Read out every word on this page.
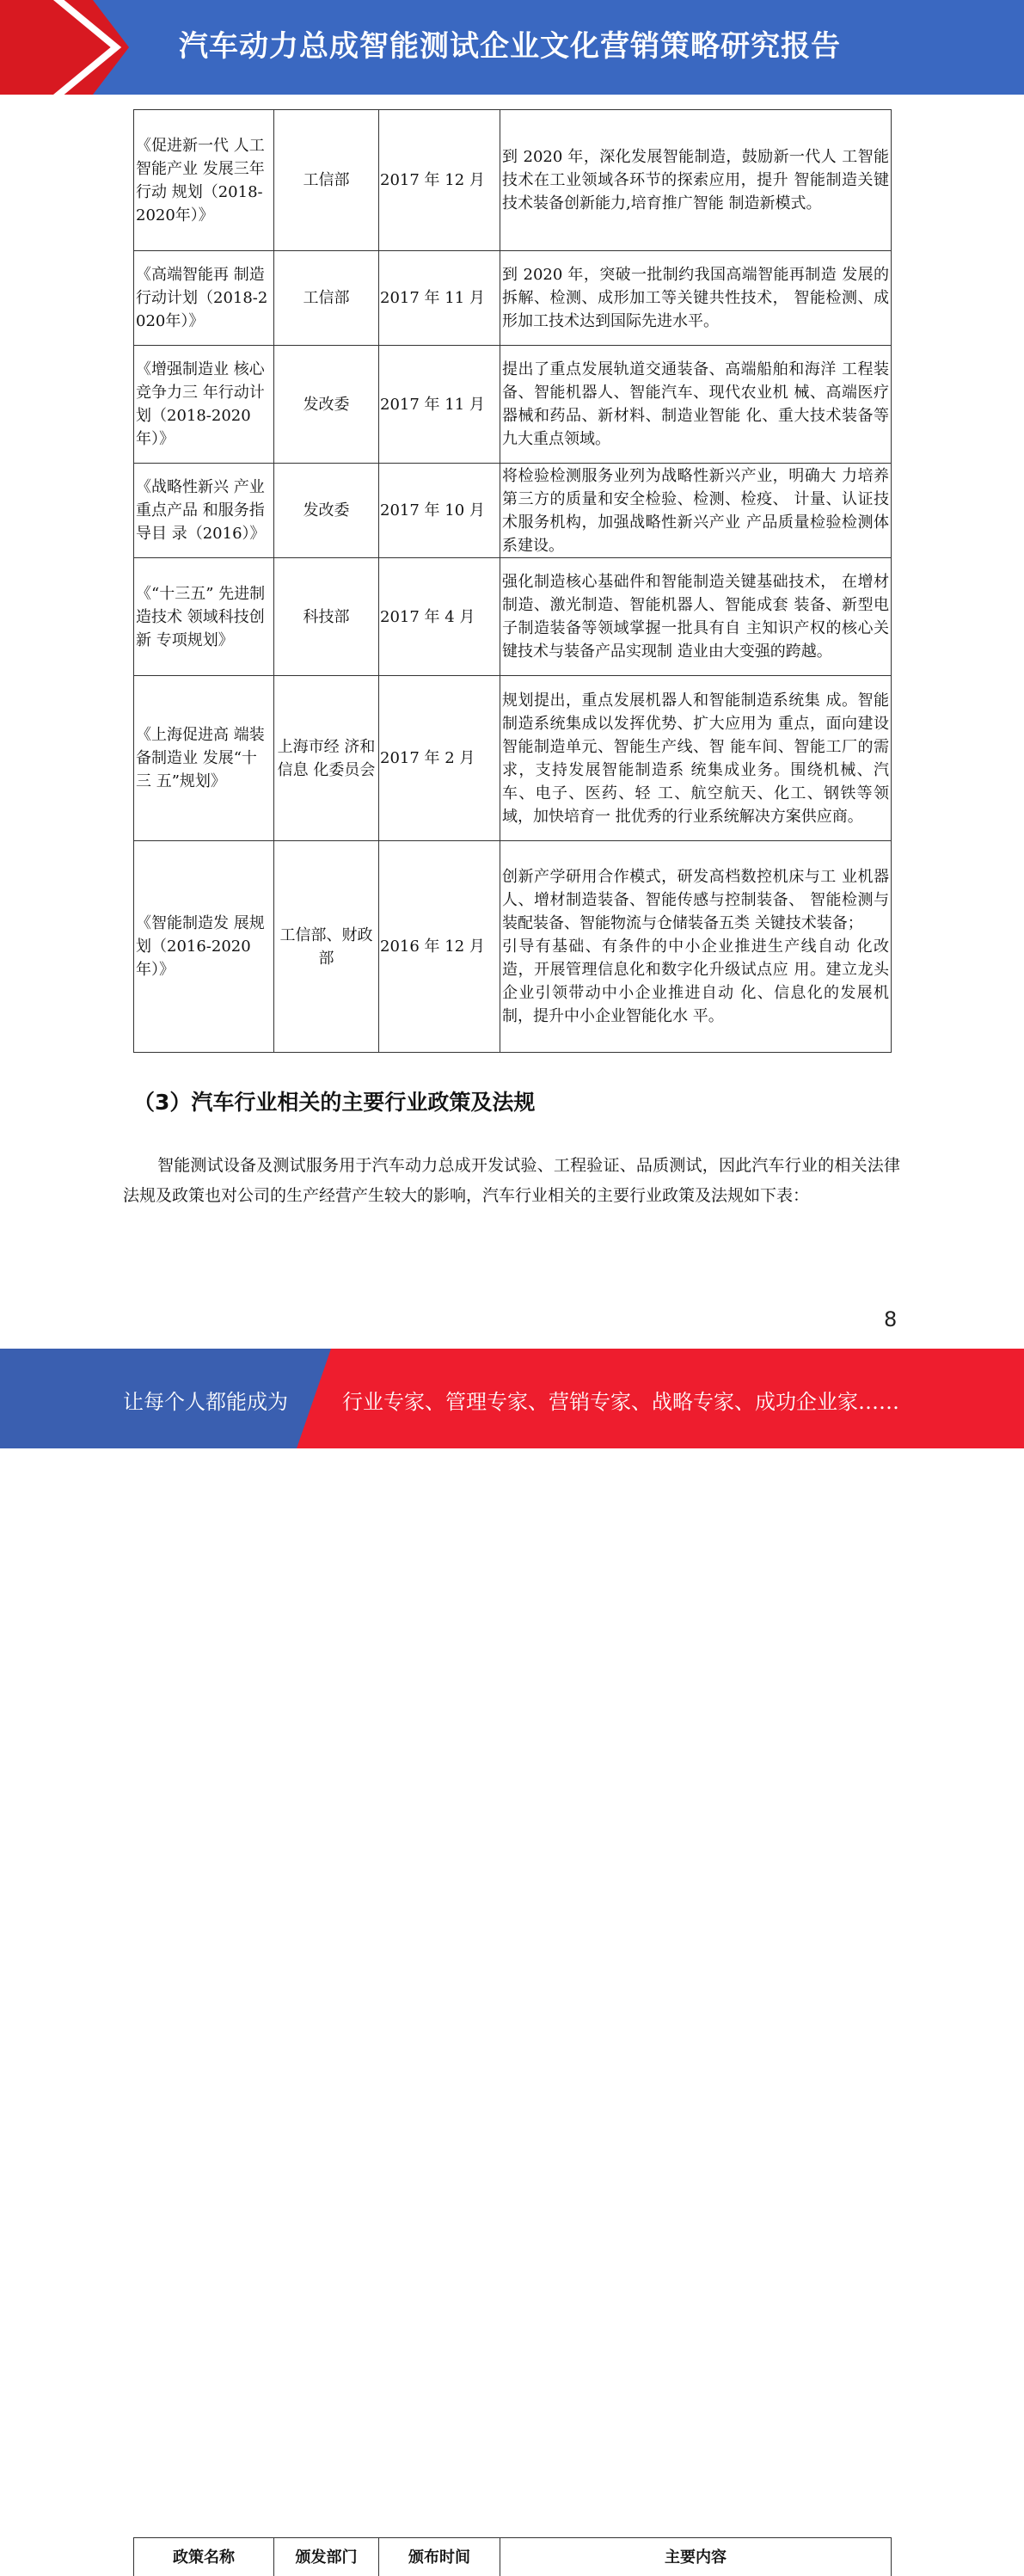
汽车动力总成智能测试企业文化营销策略研究报告
《促进新一代 人工智能产业 发展三年行动 规划（2018-2020年）》	工信部	2017 年 12 月	到 2020 年，深化发展智能制造，鼓励新一代人 工智能技术在工业领域各环节的探索应用，提升 智能制造关键技术装备创新能力,培育推广智能 制造新模式。
《高端智能再 制造行动计划（2018-2020年）》	工信部	2017 年 11 月	到 2020 年，突破一批制约我国高端智能再制造 发展的拆解、检测、成形加工等关键共性技术， 智能检测、成形加工技术达到国际先进水平。
《增强制造业 核心竞争力三 年行动计划（2018-2020年）》	发改委	2017 年 11 月	提出了重点发展轨道交通装备、高端船舶和海洋 工程装备、智能机器人、智能汽车、现代农业机 械、高端医疗器械和药品、新材料、制造业智能 化、重大技术装备等九大重点领域。
《战略性新兴 产业重点产品 和服务指导目 录（2016）》	发改委	2017 年 10 月	将检验检测服务业列为战略性新兴产业，明确大 力培养第三方的质量和安全检验、检测、检疫、 计量、认证技术服务机构，加强战略性新兴产业 产品质量检验检测体系建设。
《“十三五” 先进制造技术 领域科技创新 专项规划》	科技部	2017 年 4 月	强化制造核心基础件和智能制造关键基础技术， 在增材制造、激光制造、智能机器人、智能成套 装备、新型电子制造装备等领域掌握一批具有自 主知识产权的核心关键技术与装备产品实现制 造业由大变强的跨越。
《上海促进高 端装备制造业 发展“十三 五”规划》	上海市经 济和信息 化委员会	2017 年 2 月	规划提出，重点发展机器人和智能制造系统集 成。智能制造系统集成以发挥优势、扩大应用为 重点，面向建设智能制造单元、智能生产线、智 能车间、智能工厂的需求，支持发展智能制造系 统集成业务。围绕机械、汽车、电子、医药、轻 工、航空航天、化工、钢铁等领域，加快培育一 批优秀的行业系统解决方案供应商。
《智能制造发 展规划（2016-2020年）》	工信部、财政部	2016 年 12 月	创新产学研用合作模式，研发高档数控机床与工 业机器人、增材制造装备、智能传感与控制装备、 智能检测与装配装备、智能物流与仓储装备五类 关键技术装备；
引导有基础、有条件的中小企业推进生产线自动 化改造，开展管理信息化和数字化升级试点应 用。建立龙头企业引领带动中小企业推进自动 化、信息化的发展机制，提升中小企业智能化水 平。
（3）汽车行业相关的主要行业政策及法规

智能测试设备及测试服务用于汽车动力总成开发试验、工程验证、品质测试，因此汽车行业的相关法律法规及政策也对公司的生产经营产生较大的影响，汽车行业相关的主要行业政策及法规如下表：

政策名称	颁发部门	颁布时间	主要内容
8
让每个人都能成为	行业专家、管理专家、营销专家、战略专家、成功企业家……
